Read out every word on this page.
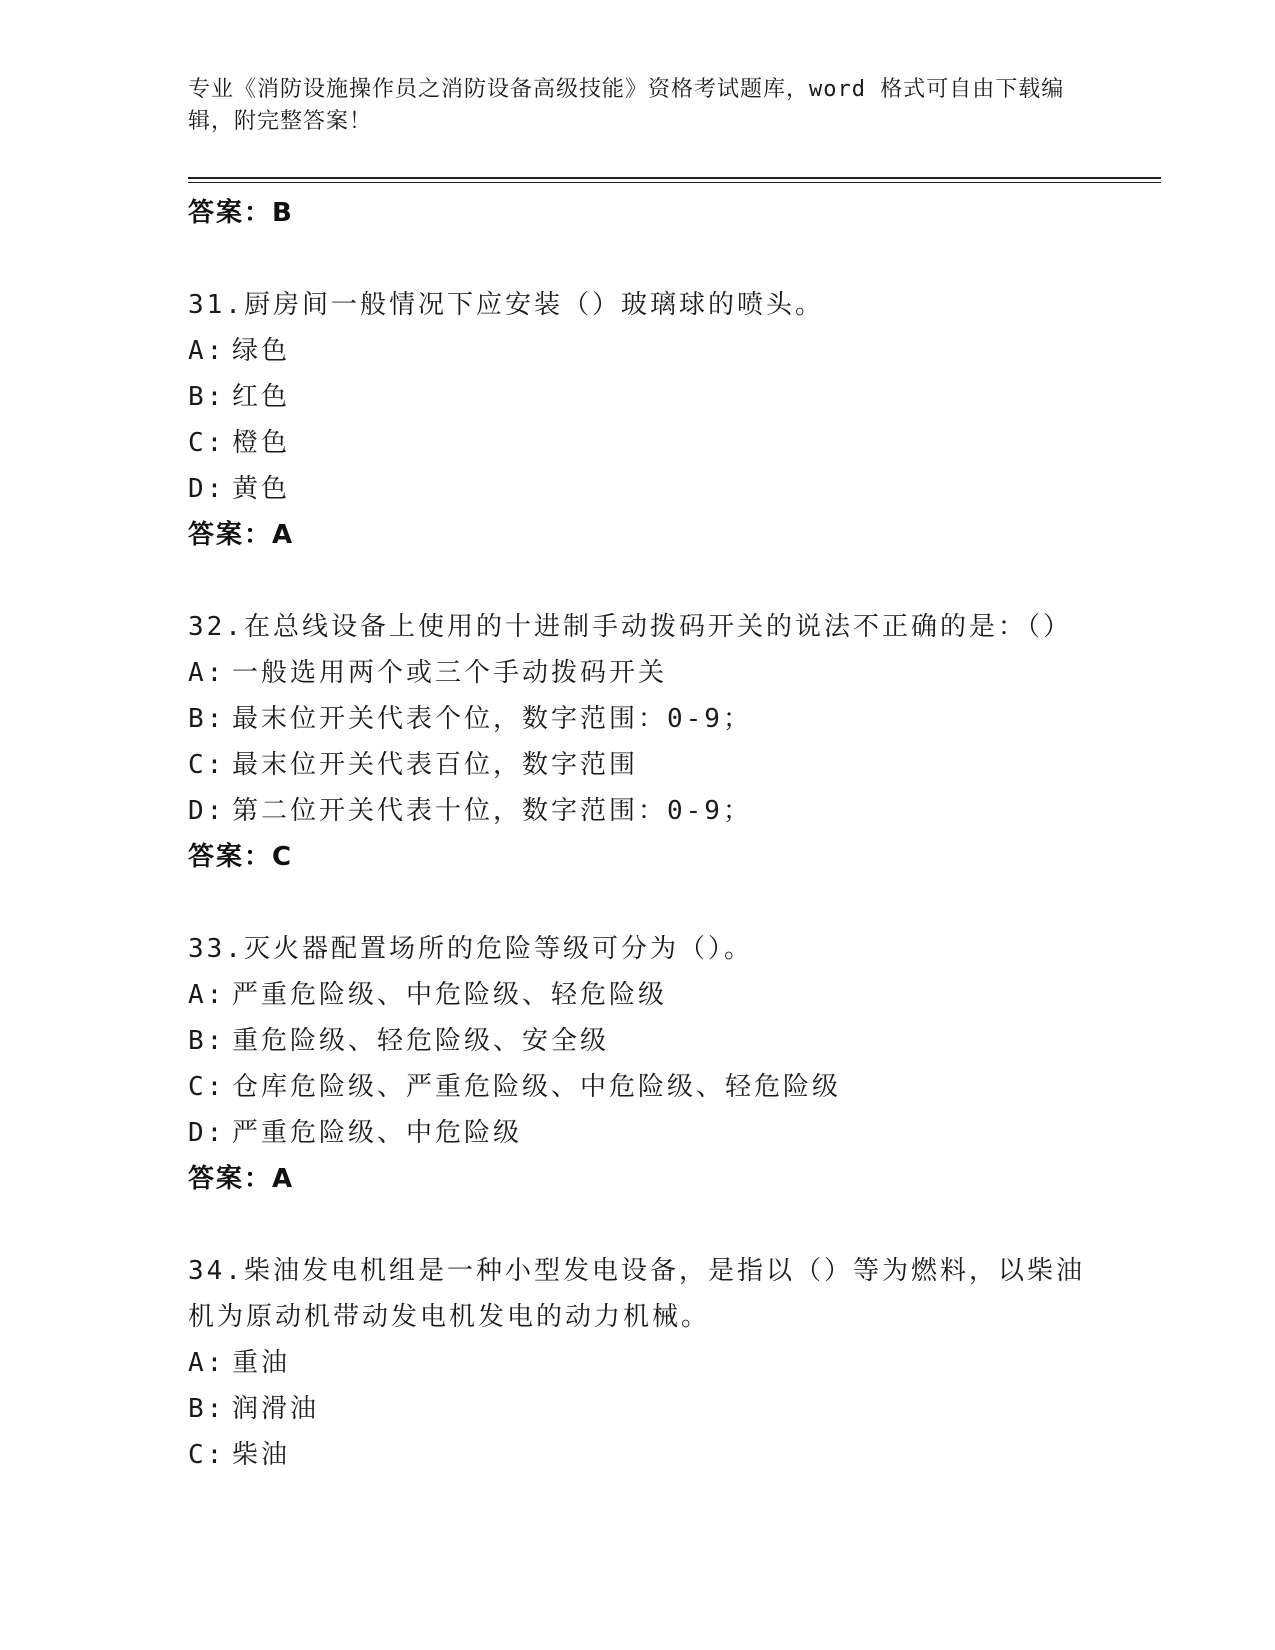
专业《消防设施操作员之消防设备高级技能》资格考试题库，word 格式可自由下载编辑，附完整答案！
答案：B
31.厨房间一般情况下应安装（）玻璃球的喷头。
A: 绿色
B: 红色
C: 橙色
D: 黄色
答案：A
32.在总线设备上使用的十进制手动拨码开关的说法不正确的是：（）
A: 一般选用两个或三个手动拨码开关
B: 最末位开关代表个位，数字范围：0-9；
C: 最末位开关代表百位，数字范围
D: 第二位开关代表十位，数字范围：0-9；
答案：C
33.灭火器配置场所的危险等级可分为（）。
A: 严重危险级、中危险级、轻危险级
B: 重危险级、轻危险级、安全级
C: 仓库危险级、严重危险级、中危险级、轻危险级
D: 严重危险级、中危险级
答案：A
34.柴油发电机组是一种小型发电设备，是指以（）等为燃料，以柴油机为原动机带动发电机发电的动力机械。
A: 重油
B: 润滑油
C: 柴油
